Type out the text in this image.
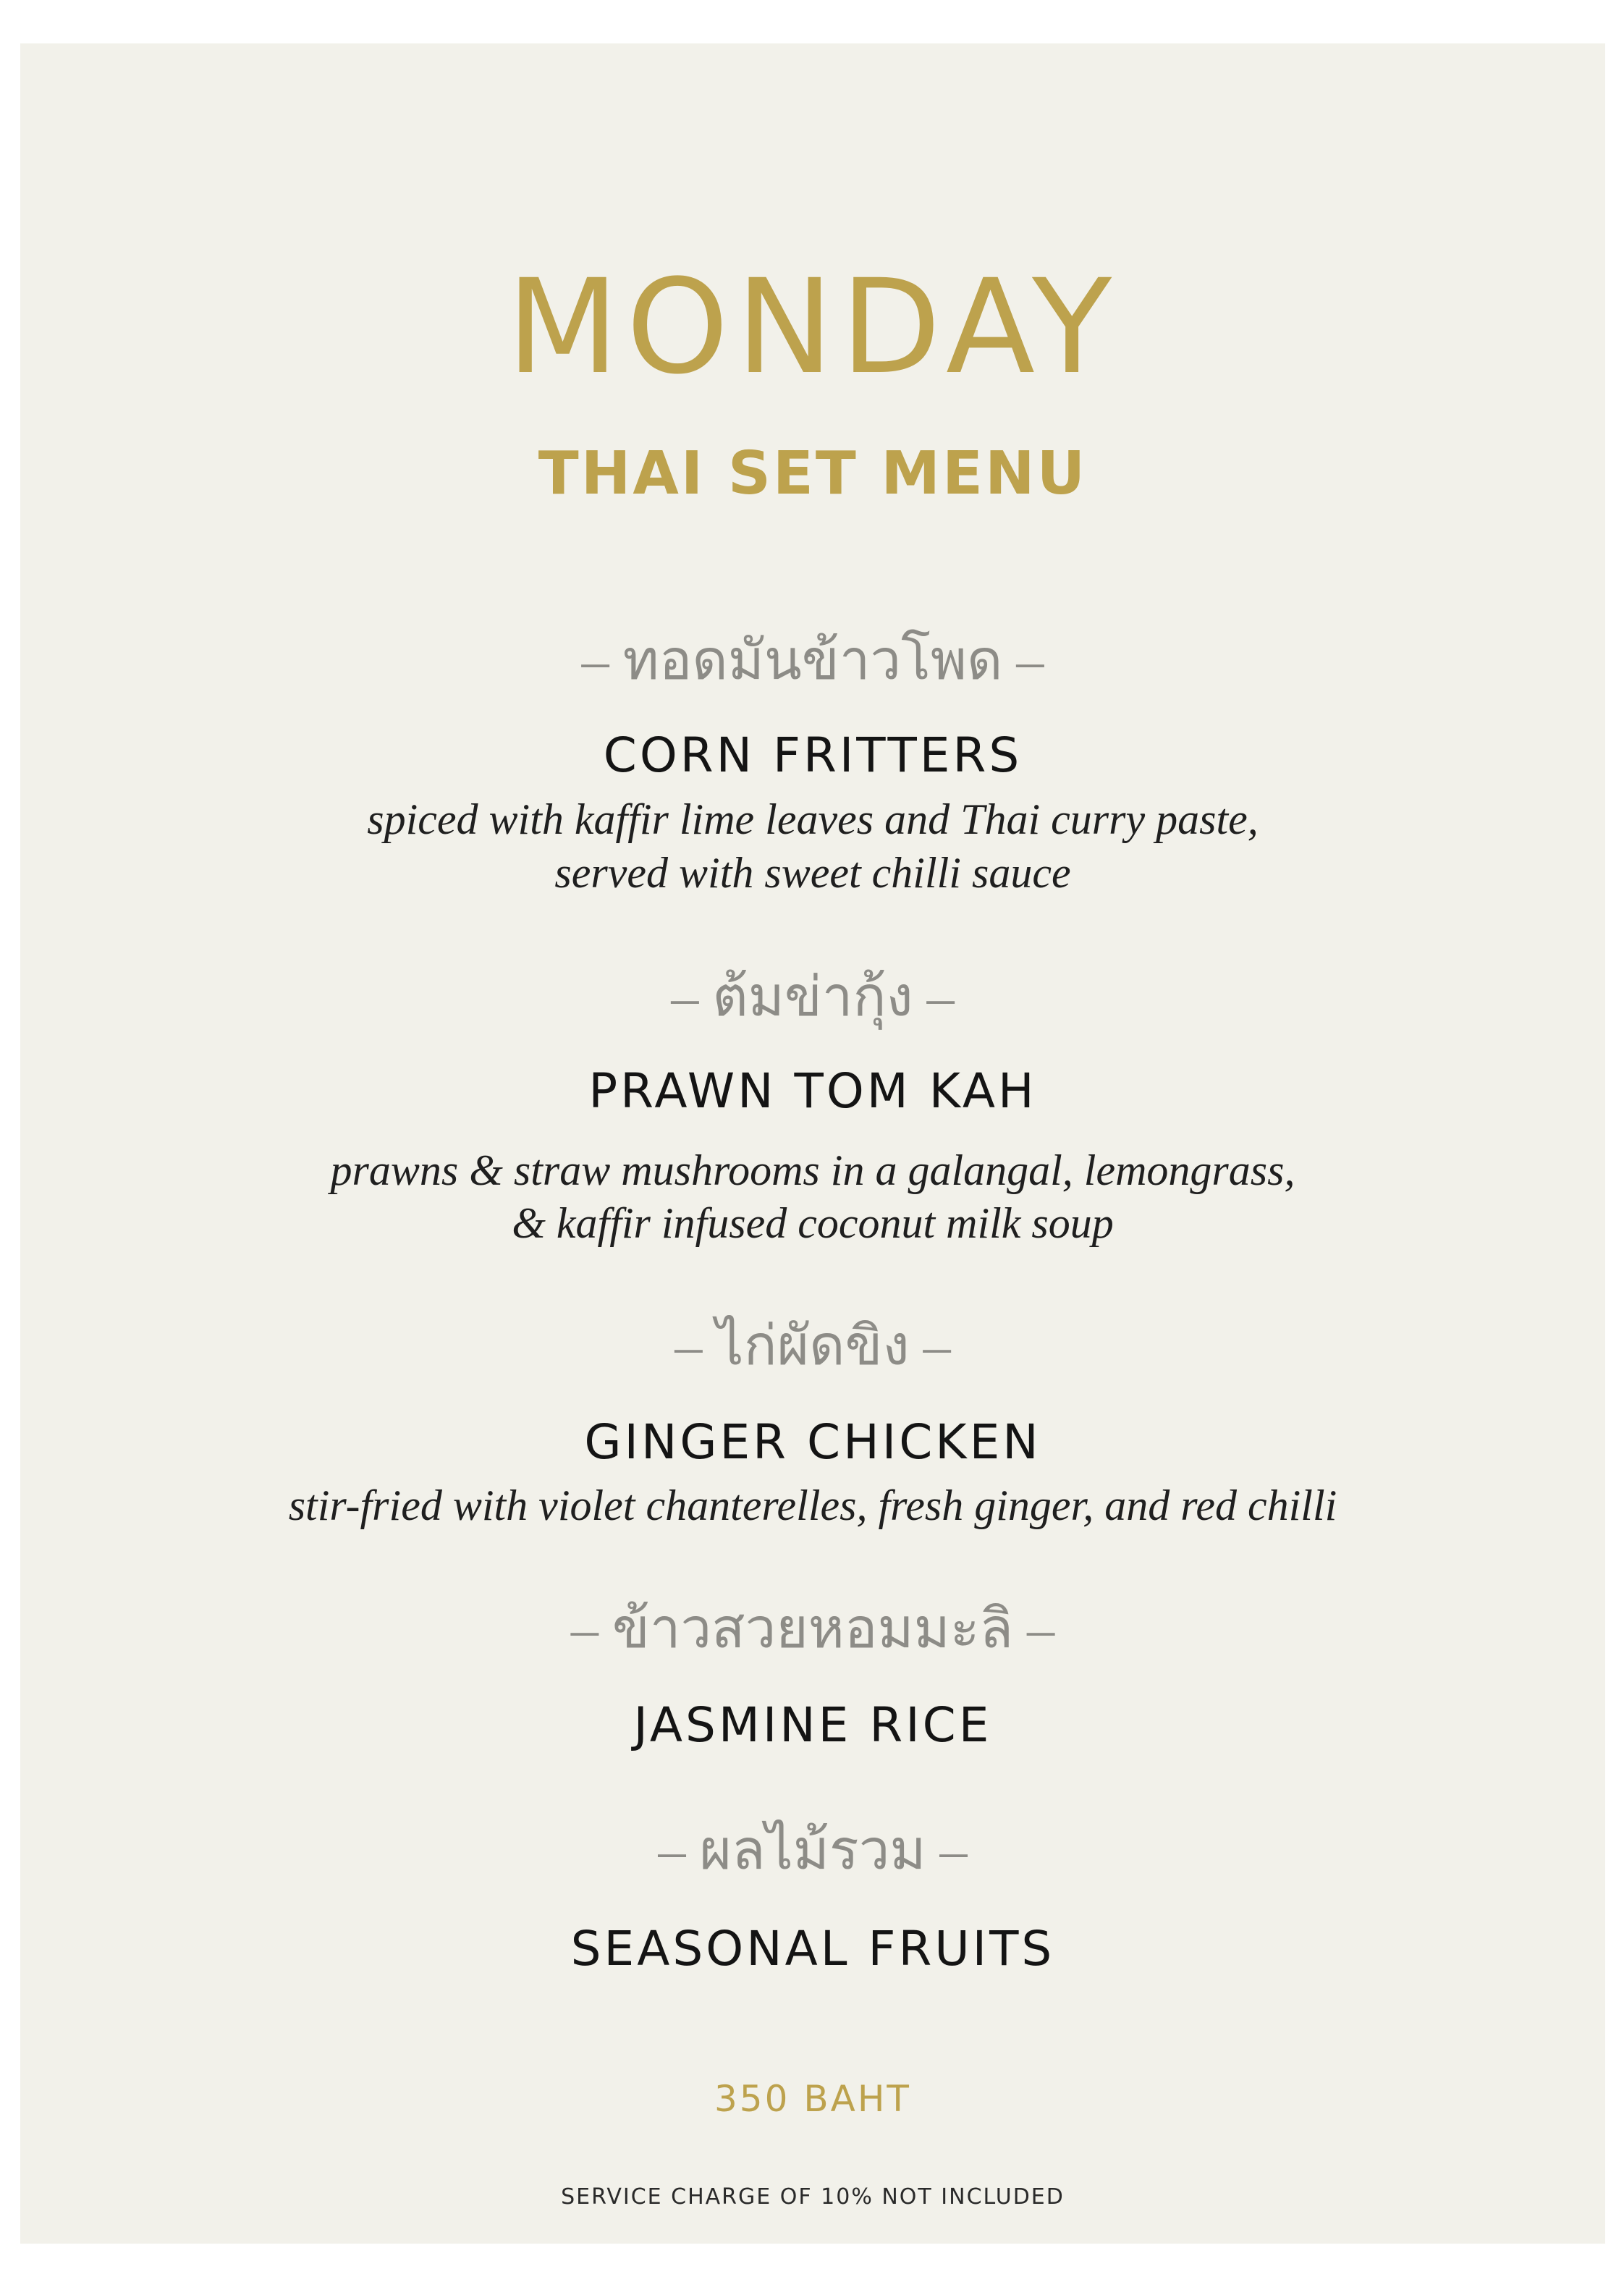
MONDAY
THAI SET MENU
– ทอดมันข้าวโพด –
CORN FRITTERS
spiced with kaffir lime leaves and Thai curry paste,
served with sweet chilli sauce
– ต้มข่ากุ้ง –
PRAWN TOM KAH
prawns & straw mushrooms in a galangal, lemongrass,
& kaffir infused coconut milk soup
– ไก่ผัดขิง –
GINGER CHICKEN
stir-fried with violet chanterelles, fresh ginger, and red chilli
– ข้าวสวยหอมมะลิ –
JASMINE RICE
– ผลไม้รวม –
SEASONAL FRUITS
350 BAHT
SERVICE CHARGE OF 10% NOT INCLUDED
